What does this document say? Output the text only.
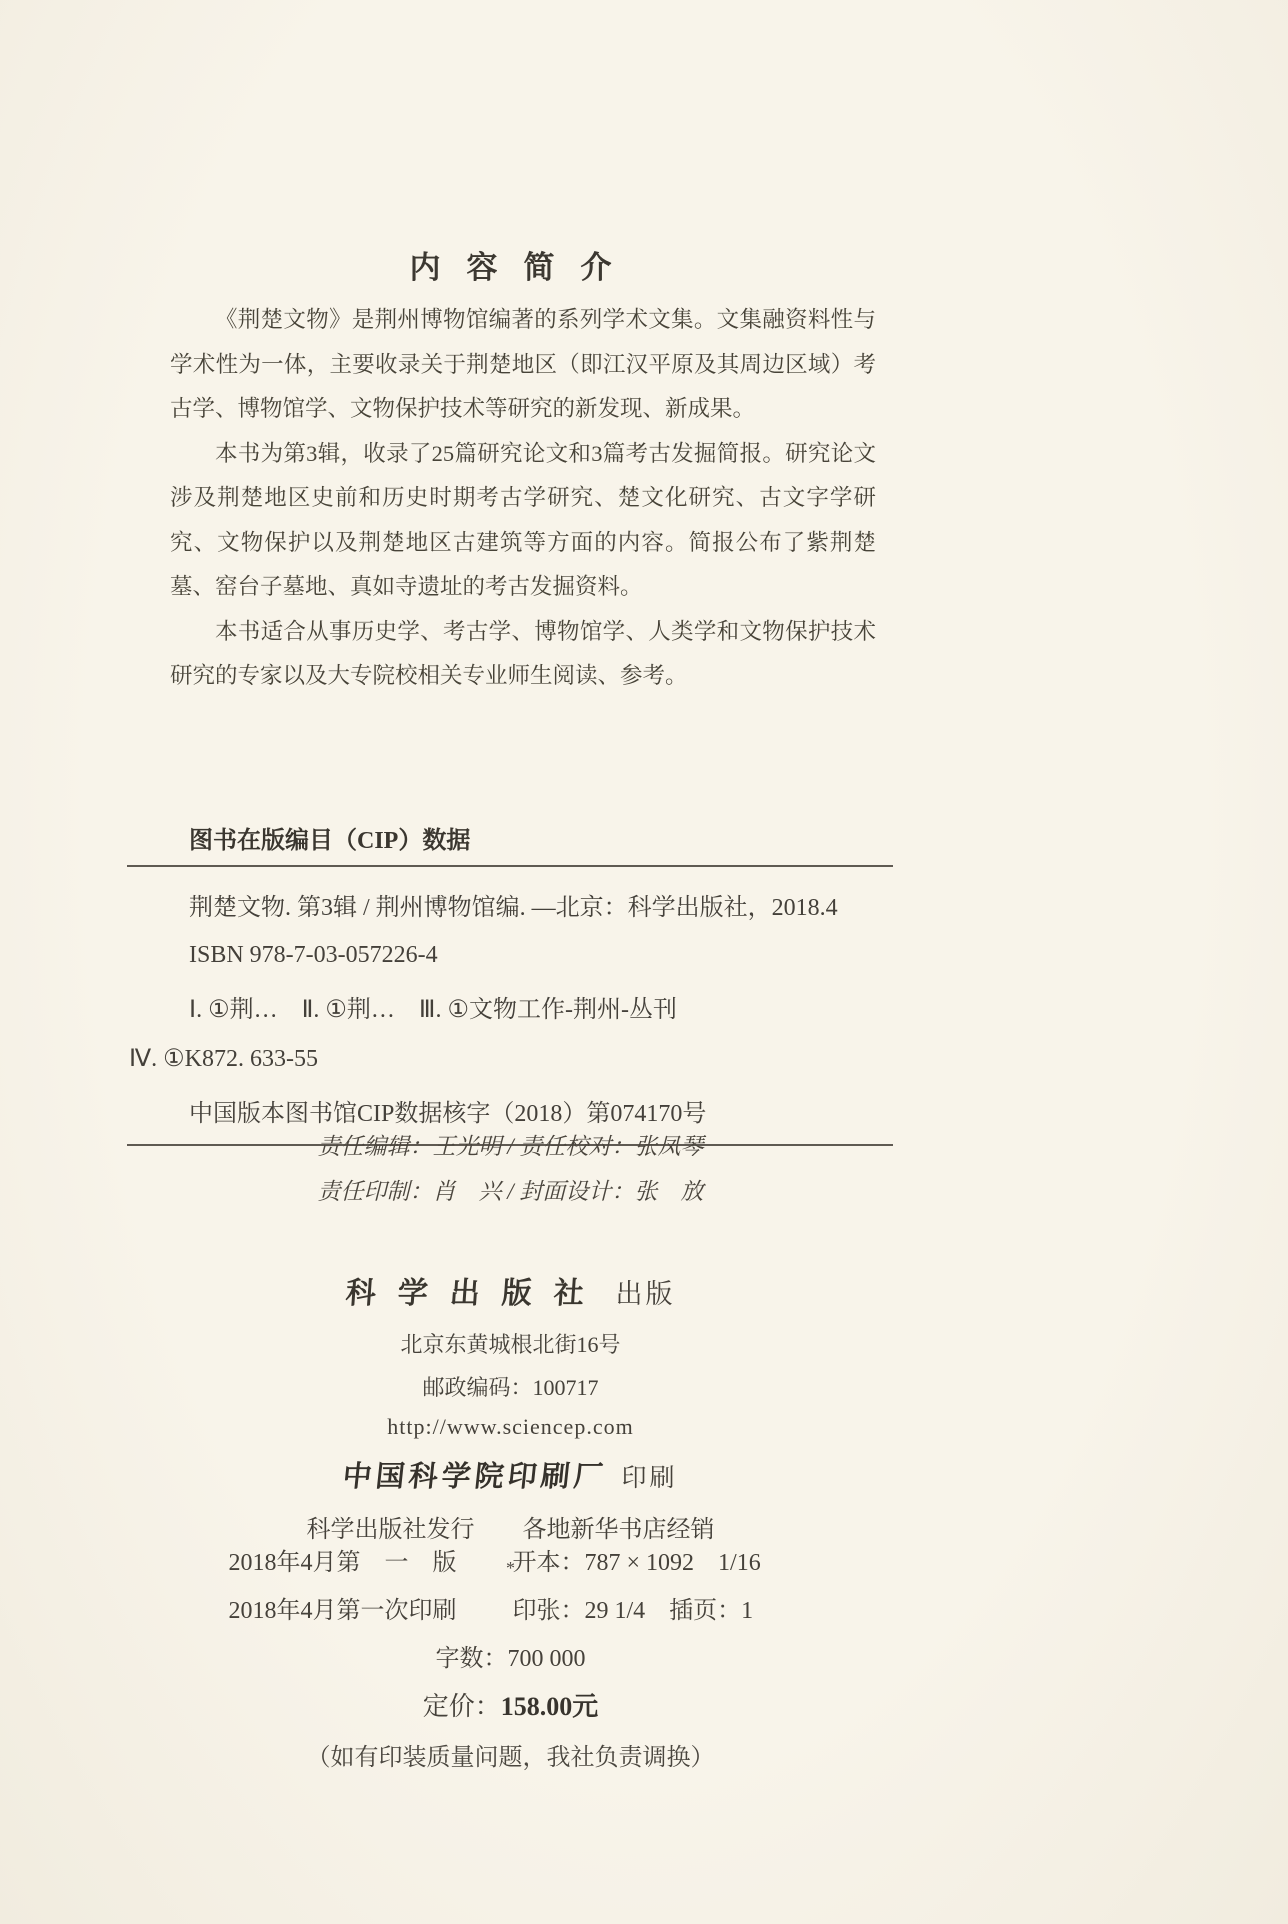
内容简介

《荆楚文物》是荆州博物馆编著的系列学术文集。文集融资料性与学术性为一体，主要收录关于荆楚地区（即江汉平原及其周边区域）考古学、博物馆学、文物保护技术等研究的新发现、新成果。

本书为第3辑，收录了25篇研究论文和3篇考古发掘简报。研究论文涉及荆楚地区史前和历史时期考古学研究、楚文化研究、古文字学研究、文物保护以及荆楚地区古建筑等方面的内容。简报公布了紫荆楚墓、窑台子墓地、真如寺遗址的考古发掘资料。

本书适合从事历史学、考古学、博物馆学、人类学和文物保护技术研究的专家以及大专院校相关专业师生阅读、参考。

图书在版编目（CIP）数据
荆楚文物. 第3辑 / 荆州博物馆编. —北京：科学出版社，2018.4
ISBN 978-7-03-057226-4
Ⅰ. ①荆…　Ⅱ. ①荆…　Ⅲ. ①文物工作-荆州-丛刊
Ⅳ. ①K872. 633-55
中国版本图书馆CIP数据核字（2018）第074170号
责任编辑：王光明 / 责任校对：张凤琴
责任印制：肖　兴 / 封面设计：张　放
科学出版社 出版
北京东黄城根北街16号
邮政编码：100717
http://www.sciencep.com
中国科学院印刷厂 印刷
科学出版社发行　　各地新华书店经销
*
2018年4月第　一　版	开本：787 × 1092　1/16
2018年4月第一次印刷	印张：29 1/4　插页：1
字数：700 000
定价：158.00元
（如有印装质量问题，我社负责调换）
